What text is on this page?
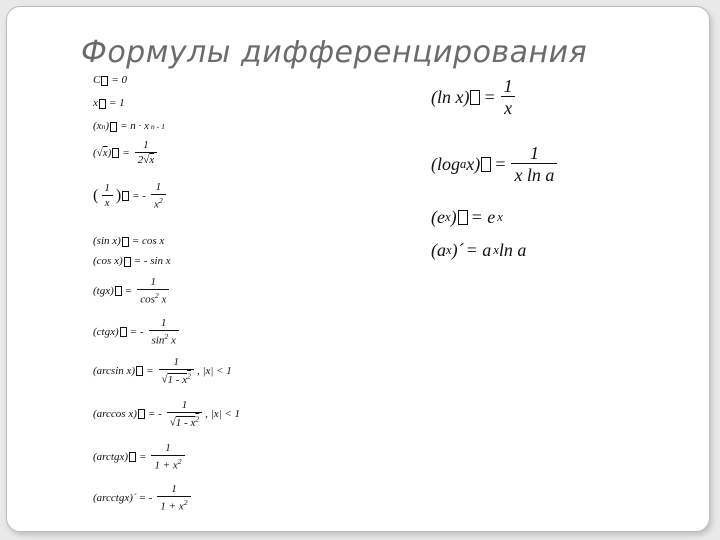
Формулы дифференцирования
C = 0
x = 1
(x n ) = n · x n - 1
(√ x ) = $\frac{1}{2√x}$
( $\frac{1}{x}$ ) = - $\frac{1}{x^2}$
(sin x) = cos x
(cos x) = - sin x
$(tgx) = \frac{1}{\cos^2 x}$
(ctgx) = - $\frac{1}{\sin^2 x}$
(arcsin $x) = \frac{1}{√1 - x^2}$ , |x| < 1
(arccos x) = - $\frac{1}{√1 - x^2}$ , |x| < 1
(arctgx) = $\frac{1}{1 + x^2}$
(arcctgx)´ = - $\frac{1}{1 + x^2}$
(ln $x) = \frac{1}{x}$
(log a $x) = \frac{1}{\text{x ln a}}$
(e x ) = e x
(a x )´ = a x ln a
